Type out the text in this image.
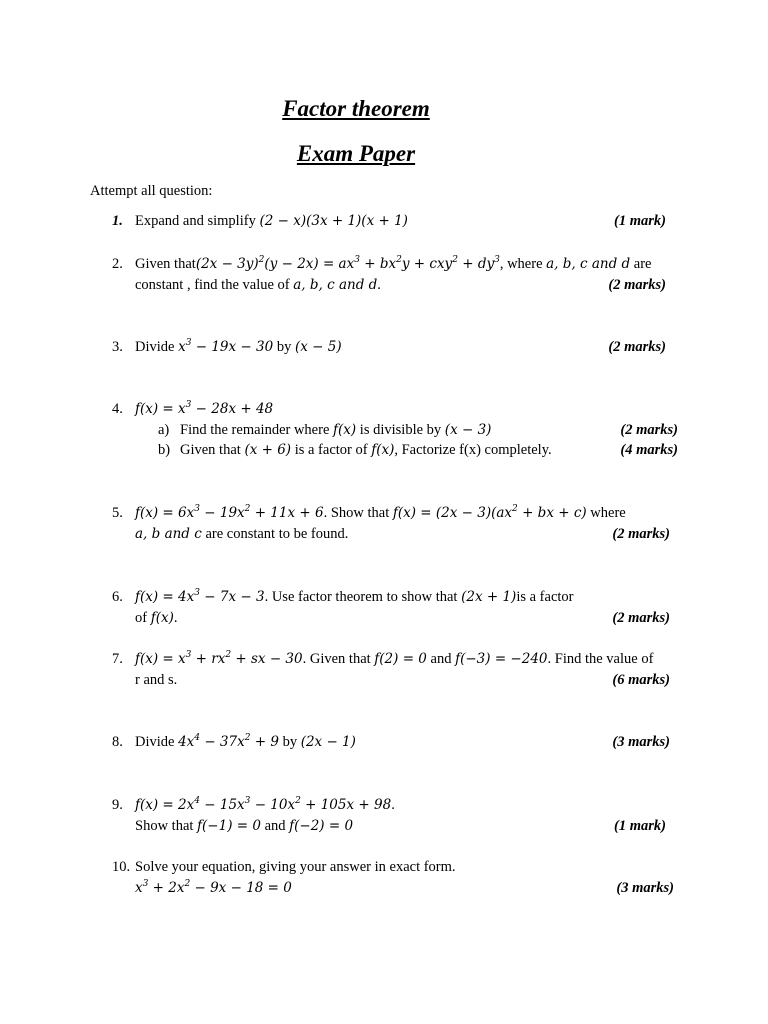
Factor theorem
Exam Paper
Attempt all question:
1. Expand and simplify (2 − x)(3x + 1)(x + 1)	(1 mark)
2. Given that(2x − $3y)^2(y - 2x) = ax^3 + bx^2y + cxy^2 + dy^3$, where a, b, c and d are
constant , find the value of a, b, c and d.	(2 marks)
3. Divide $x^3 - 19x - 30$ by (x − 5)	(2 marks)
4. $f(x) = x^3 - 28x + 48$
a) Find the remainder where f(x) is divisible by (x − 3)	(2 marks)
b) Given that (x + 6) is a factor of f(x), Factorize f(x) completely.	(4 marks)
5. $f(x) = 6x^3 - 19x^2 + 11x + 6$. Show that $f(x) = (2x - 3)(ax^2$ + bx + c) where
a, b and c are constant to be found.	(2 marks)
6. $f(x) = 4x^3 - 7x - 3$. Use factor theorem to show that (2x + 1)is a factor
of f(x).	(2 marks)
7. $f(x) = x^3 + rx^2$ + sx − 30. Given that f(2) = 0 and f(−3) = −240. Find the value of
r and s.	(6 marks)
8. Divide $4x^4 - 37x^2 + 9$ by (2x − 1)	(3 marks)
9. $f(x) = 2x^4 - 15x^3 - 10x^2 + 105x + 98$.
Show that f(−1) = 0 and f(−2) = 0	(1 mark)
10. Solve your equation, giving your answer in exact form.
$x^3 + 2x^2 - 9x - 18 = 0$	(3 marks)
